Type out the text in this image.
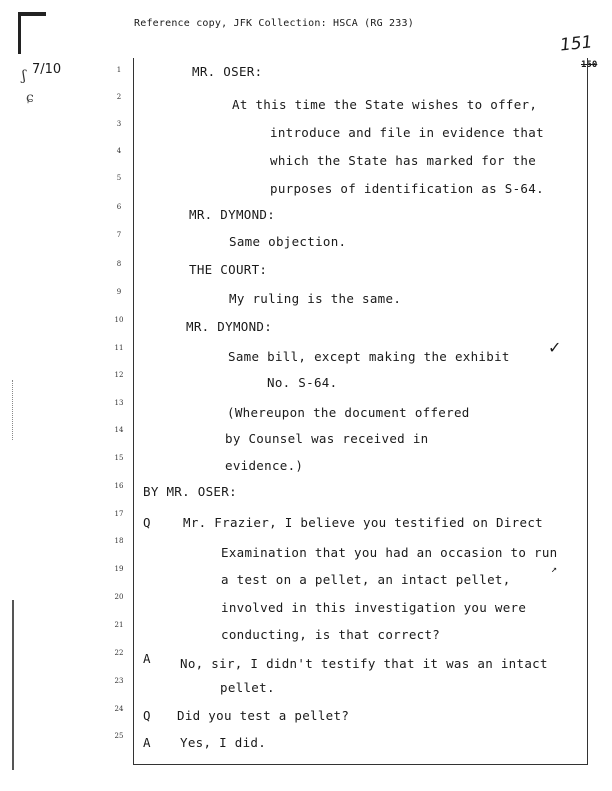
ʃ
ɕ
7/10
Reference copy, JFK Collection: HSCA (RG 233)
151
150
1
2
3
4
5
6
7
8
9
10
11
12
13
14
15
16
17
18
19
20
21
22
23
24
25
MR. OSER:
At this time the State wishes to offer,
introduce and file in evidence that
which the State has marked for the
purposes of identification as S-64.
MR. DYMOND:
Same objection.
THE COURT:
My ruling is the same.
MR. DYMOND:
Same bill, except making the exhibit
No. S-64.
(Whereupon the document offered
by Counsel was received in
evidence.)
BY MR. OSER:
Q	Mr. Frazier, I believe you testified on Direct
Examination that you had an occasion to run
a test on a pellet, an intact pellet,
involved in this investigation you were
conducting, is that correct?
A No, sir, I didn't testify that it was an intact
pellet.
Q Did you test a pellet?
A Yes, I did.
✓
↗
